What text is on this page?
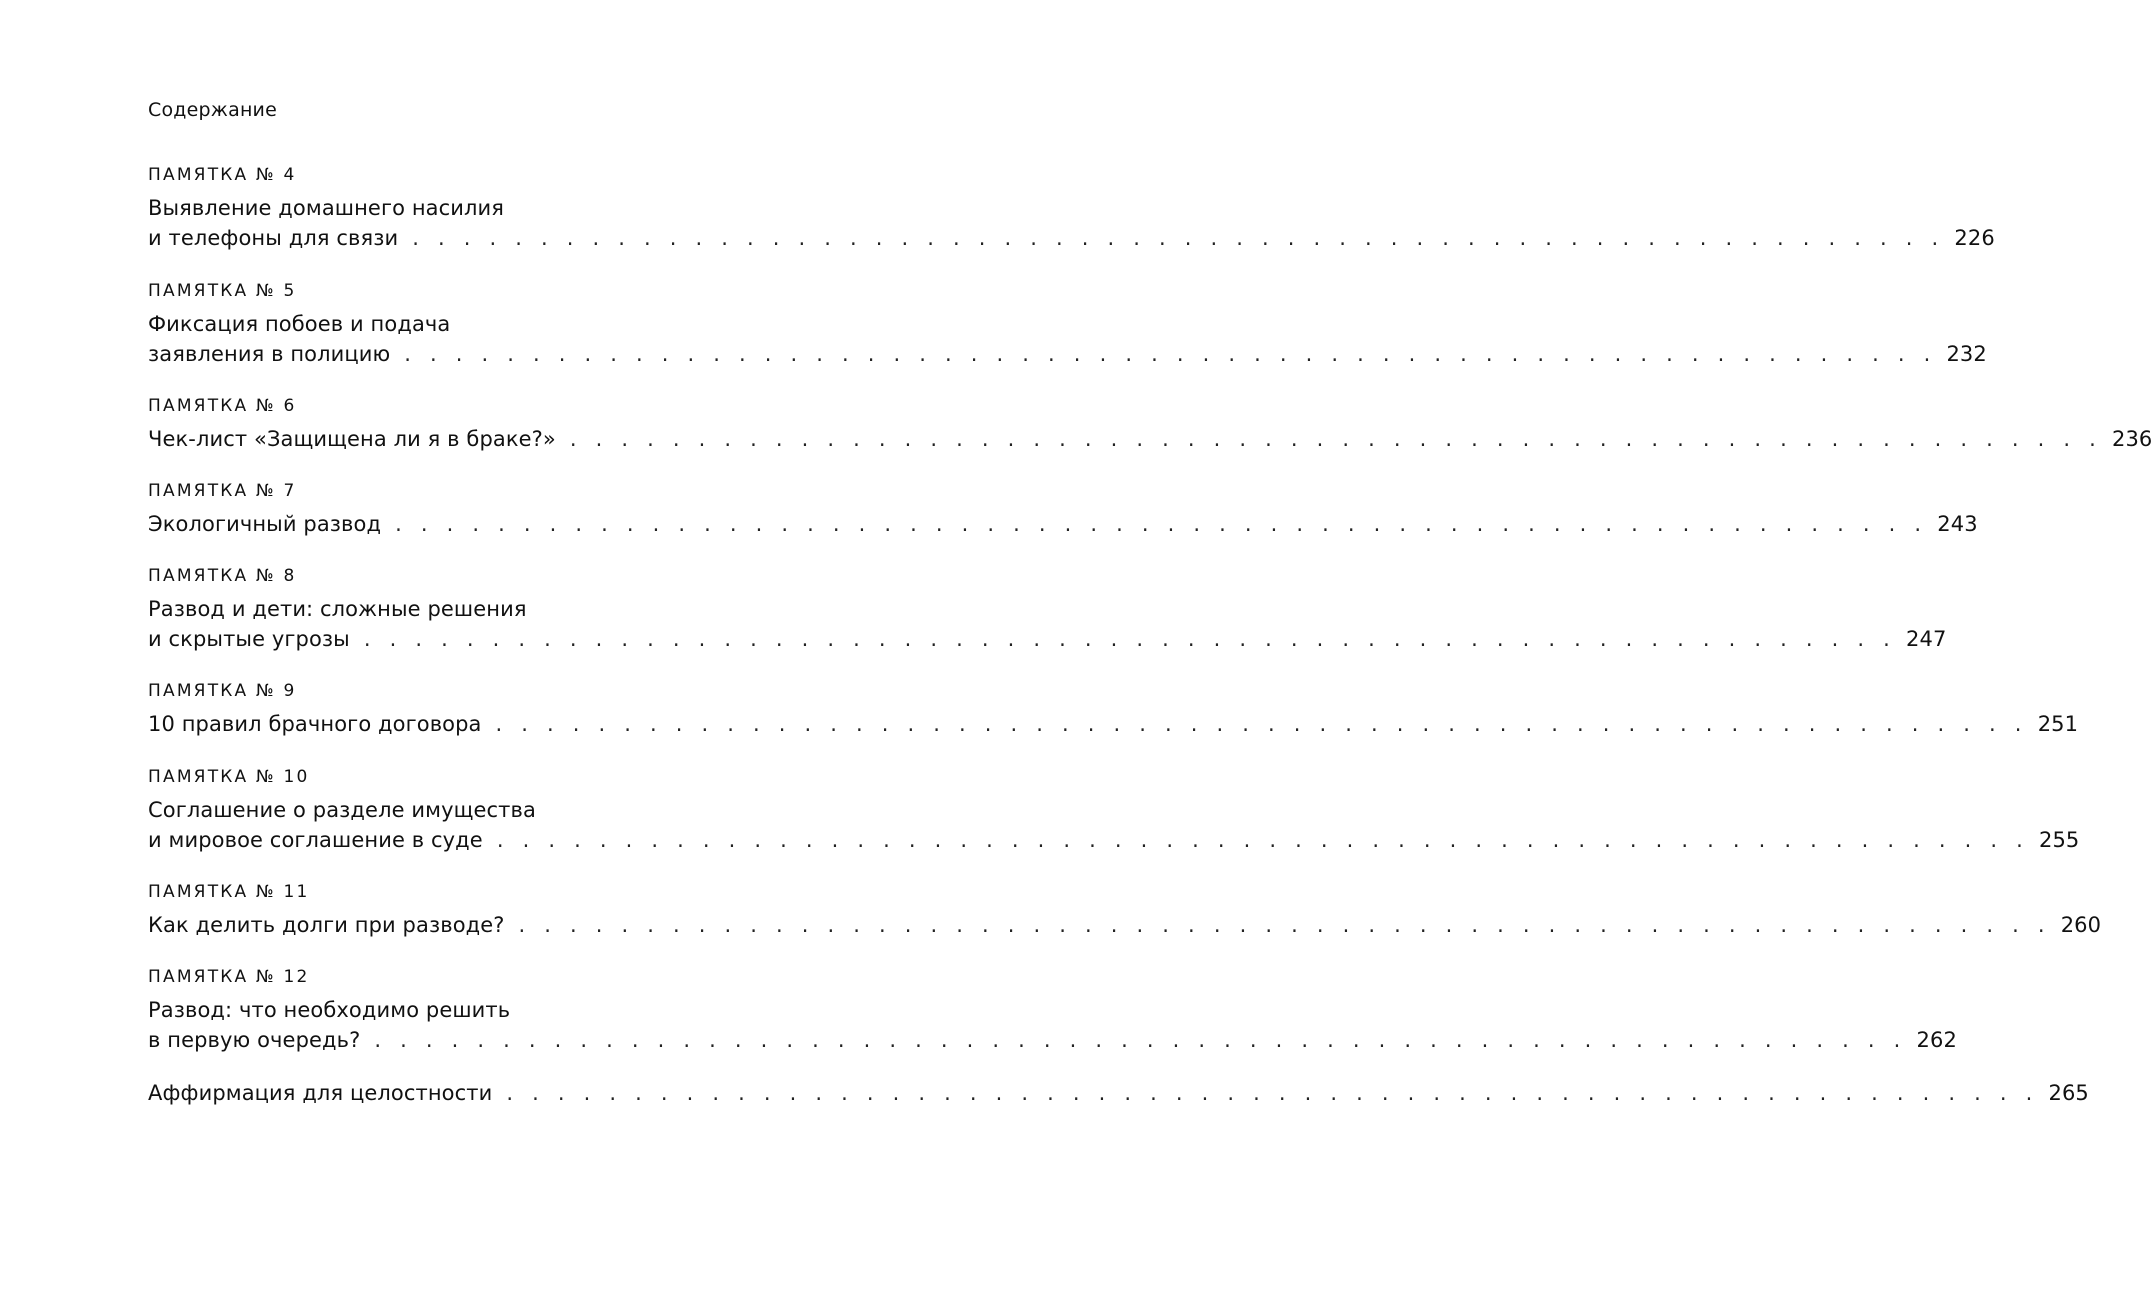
Содержание
ПАМЯТКА № 4
Выявление домашнего насилия
и телефоны для связи . . . . . . . . . . . . . . . . . . . . . . . . . . . . . . . . . . . . . . . . . . . . . . . . . . . . . . . . . . . . 226
ПАМЯТКА № 5
Фиксация побоев и подача
заявления в полицию . . . . . . . . . . . . . . . . . . . . . . . . . . . . . . . . . . . . . . . . . . . . . . . . . . . . . . . . . . . . 232
ПАМЯТКА № 6
Чек-лист «Защищена ли я в браке?» . . . . . . . . . . . . . . . . . . . . . . . . . . . . . . . . . . . . . . . . . . . . . . . . . . . . . . . . . . . . 236
ПАМЯТКА № 7
Экологичный развод . . . . . . . . . . . . . . . . . . . . . . . . . . . . . . . . . . . . . . . . . . . . . . . . . . . . . . . . . . . . 243
ПАМЯТКА № 8
Развод и дети: сложные решения
и скрытые угрозы . . . . . . . . . . . . . . . . . . . . . . . . . . . . . . . . . . . . . . . . . . . . . . . . . . . . . . . . . . . . 247
ПАМЯТКА № 9
10 правил брачного договора . . . . . . . . . . . . . . . . . . . . . . . . . . . . . . . . . . . . . . . . . . . . . . . . . . . . . . . . . . . . 251
ПАМЯТКА № 10
Соглашение о разделе имущества
и мировое соглашение в суде . . . . . . . . . . . . . . . . . . . . . . . . . . . . . . . . . . . . . . . . . . . . . . . . . . . . . . . . . . . . 255
ПАМЯТКА № 11
Как делить долги при разводе? . . . . . . . . . . . . . . . . . . . . . . . . . . . . . . . . . . . . . . . . . . . . . . . . . . . . . . . . . . . . 260
ПАМЯТКА № 12
Развод: что необходимо решить
в первую очередь? . . . . . . . . . . . . . . . . . . . . . . . . . . . . . . . . . . . . . . . . . . . . . . . . . . . . . . . . . . . . 262
Аффирмация для целостности . . . . . . . . . . . . . . . . . . . . . . . . . . . . . . . . . . . . . . . . . . . . . . . . . . . . . . . . . . . . 265
